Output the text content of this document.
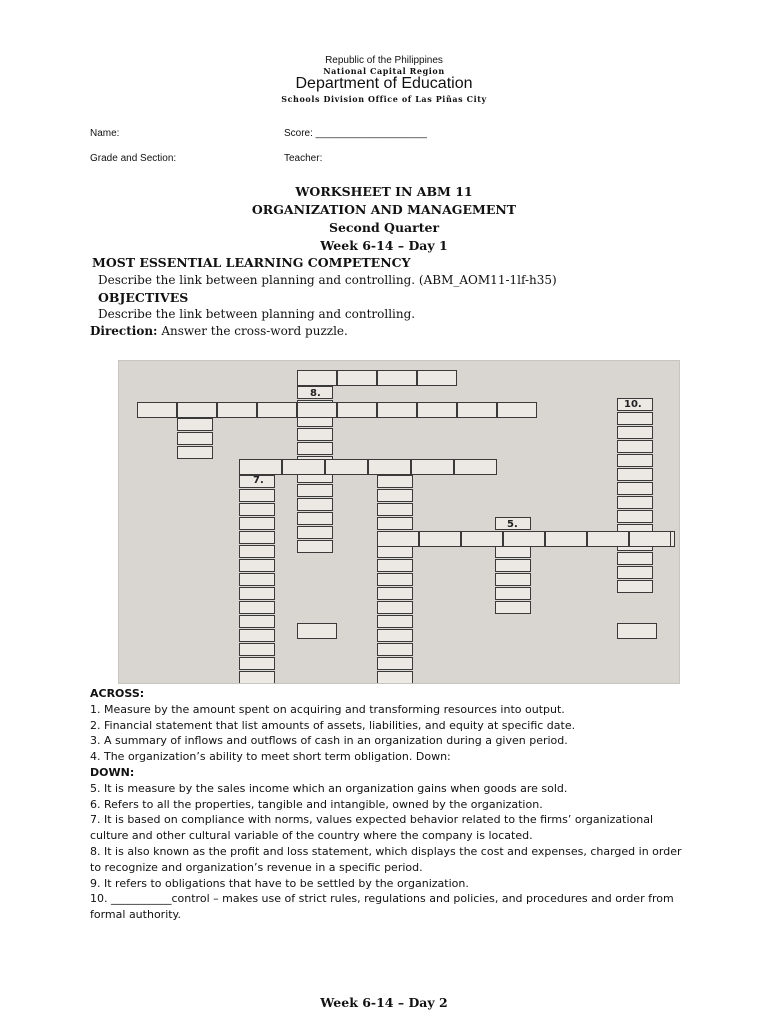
Republic of the Philippines
National Capital Region
Department of Education
Schools Division Office of Las Piñas City
Name:	Score: ____________________
Grade and Section:	Teacher:
WORKSHEET IN ABM 11
ORGANIZATION AND MANAGEMENT
Second Quarter
Week 6-14 – Day 1
MOST ESSENTIAL LEARNING COMPETENCY
Describe the link between planning and controlling. (ABM_AOM11-1lf-h35)
OBJECTIVES
Describe the link between planning and controlling.
Direction: Answer the cross-word puzzle.
8.
7.
5.
10.
ACROSS:
1. Measure by the amount spent on acquiring and transforming resources into output.
2. Financial statement that list amounts of assets, liabilities, and equity at specific date.
3. A summary of inflows and outflows of cash in an organization during a given period.
4. The organization’s ability to meet short term obligation. Down:
DOWN:
5. It is measure by the sales income which an organization gains when goods are sold.
6. Refers to all the properties, tangible and intangible, owned by the organization.
7. It is based on compliance with norms, values expected behavior related to the firms’ organizational culture and other cultural variable of the country where the company is located.
8. It is also known as the profit and loss statement, which displays the cost and expenses, charged in order to recognize and organization’s revenue in a specific period.
9. It refers to obligations that have to be settled by the organization.
10. ___________control – makes use of strict rules, regulations and policies, and procedures and order from formal authority.
Week 6-14 – Day 2
